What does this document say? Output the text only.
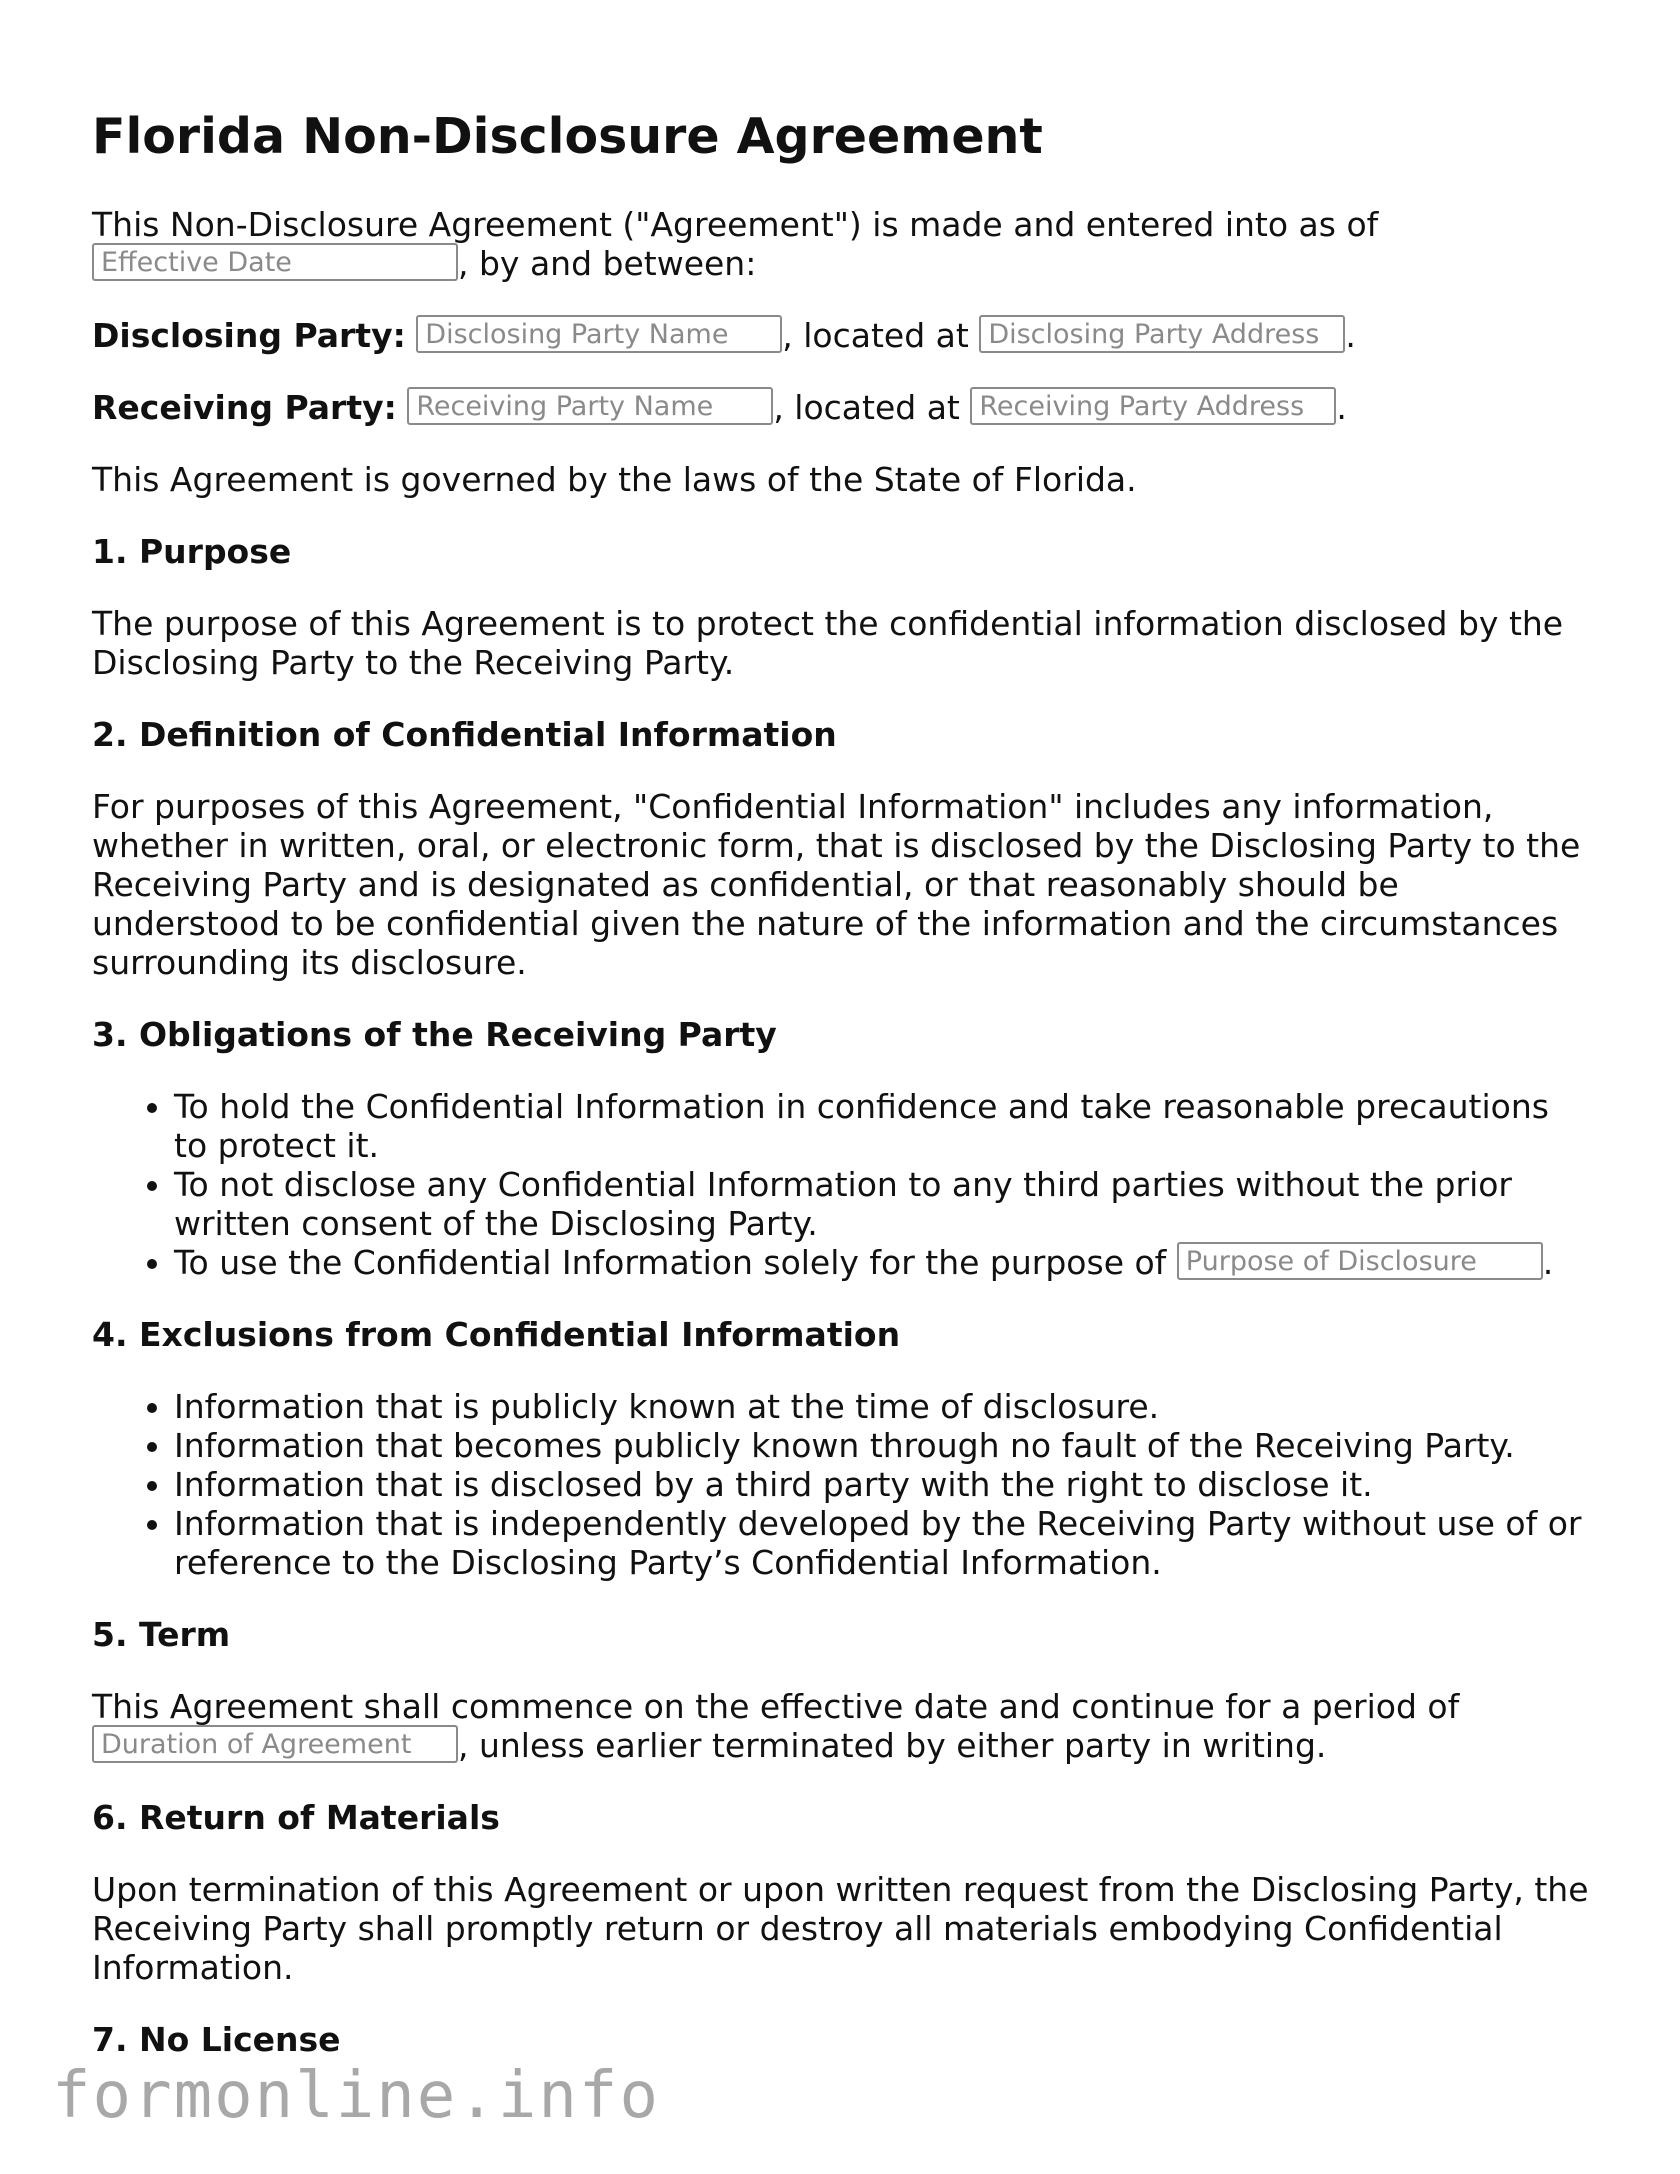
Florida Non-Disclosure Agreement

This Non-Disclosure Agreement ("Agreement") is made and entered into as of
Effective Date, by and between:

Disclosing Party: Disclosing Party Name	, located at Disclosing Party Address	.

Receiving Party: Receiving Party Name	, located at Receiving Party Address	.

This Agreement is governed by the laws of the State of Florida.

1. Purpose

The purpose of this Agreement is to protect the confidential information disclosed by the Disclosing Party to the Receiving Party.

2. Definition of Confidential Information

For purposes of this Agreement, "Confidential Information" includes any information, whether in written, oral, or electronic form, that is disclosed by the Disclosing Party to the Receiving Party and is designated as confidential, or that reasonably should be understood to be confidential given the nature of the information and the circumstances surrounding its disclosure.

3. Obligations of the Receiving Party
• To hold the Confidential Information in confidence and take reasonable precautions to protect it.
• To not disclose any Confidential Information to any third parties without the prior written consent of the Disclosing Party.
• To use the Confidential Information solely for the purpose of Purpose of Disclosure	.
4. Exclusions from Confidential Information
• Information that is publicly known at the time of disclosure.
• Information that becomes publicly known through no fault of the Receiving Party.
• Information that is disclosed by a third party with the right to disclose it.
• Information that is independently developed by the Receiving Party without use of or reference to the Disclosing Party’s Confidential Information.
5. Term

This Agreement shall commence on the effective date and continue for a period of
Duration of Agreement, unless earlier terminated by either party in writing.

6. Return of Materials

Upon termination of this Agreement or upon written request from the Disclosing Party, the Receiving Party shall promptly return or destroy all materials embodying Confidential Information.

7. No License
formonline.info
